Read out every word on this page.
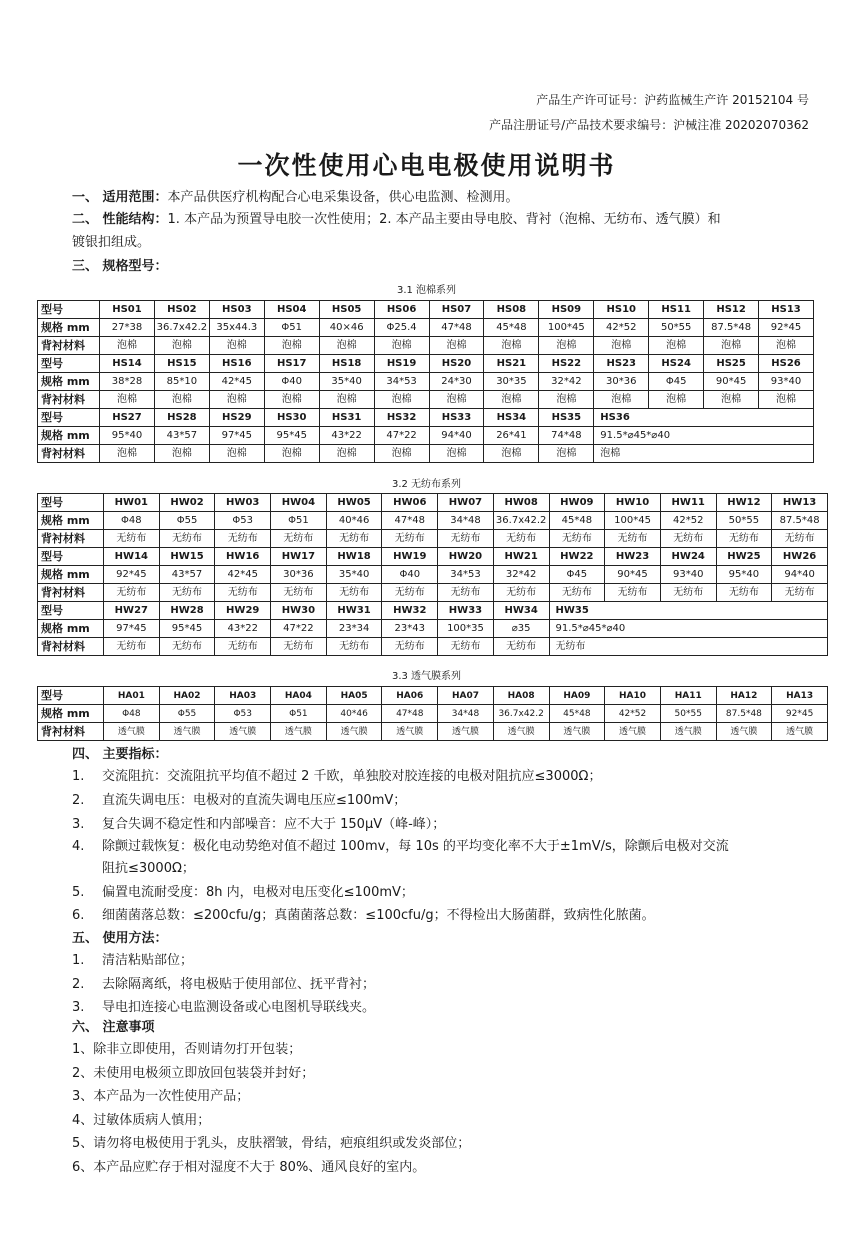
产品生产许可证号：沪药监械生产许 20152104 号
产品注册证号/产品技术要求编号：沪械注准 20202070362
一次性使用心电电极使用说明书
一、 适用范围：本产品供医疗机构配合心电采集设备，供心电监测、检测用。
二、 性能结构：1. 本产品为预置导电胶一次性使用；2. 本产品主要由导电胶、背衬（泡棉、无纺布、透气膜）和
镀银扣组成。
三、 规格型号：
3.1 泡棉系列
3.2 无纺布系列
3.3 透气膜系列
型号	HS01	HS02	HS03	HS04	HS05	HS06	HS07	HS08	HS09	HS10	HS11	HS12	HS13
规格 mm	27*38	36.7x42.2	35x44.3	Φ51	40×46	Φ25.4	47*48	45*48	100*45	42*52	50*55	87.5*48	92*45
背衬材料	泡棉	泡棉	泡棉	泡棉	泡棉	泡棉	泡棉	泡棉	泡棉	泡棉	泡棉	泡棉	泡棉
型号	HS14	HS15	HS16	HS17	HS18	HS19	HS20	HS21	HS22	HS23	HS24	HS25	HS26
规格 mm	38*28	85*10	42*45	Φ40	35*40	34*53	24*30	30*35	32*42	30*36	Φ45	90*45	93*40
背衬材料	泡棉	泡棉	泡棉	泡棉	泡棉	泡棉	泡棉	泡棉	泡棉	泡棉	泡棉	泡棉	泡棉
型号	HS27	HS28	HS29	HS30	HS31	HS32	HS33	HS34	HS35	HS36			
规格 mm	95*40	43*57	97*45	95*45	43*22	47*22	94*40	26*41	74*48	91.5*⌀45*⌀40			
背衬材料	泡棉	泡棉	泡棉	泡棉	泡棉	泡棉	泡棉	泡棉	泡棉	泡棉			
型号	HW01	HW02	HW03	HW04	HW05	HW06	HW07	HW08	HW09	HW10	HW11	HW12	HW13
规格 mm	Φ48	Φ55	Φ53	Φ51	40*46	47*48	34*48	36.7x42.2	45*48	100*45	42*52	50*55	87.5*48
背衬材料	无纺布	无纺布	无纺布	无纺布	无纺布	无纺布	无纺布	无纺布	无纺布	无纺布	无纺布	无纺布	无纺布
型号	HW14	HW15	HW16	HW17	HW18	HW19	HW20	HW21	HW22	HW23	HW24	HW25	HW26
规格 mm	92*45	43*57	42*45	30*36	35*40	Φ40	34*53	32*42	Φ45	90*45	93*40	95*40	94*40
背衬材料	无纺布	无纺布	无纺布	无纺布	无纺布	无纺布	无纺布	无纺布	无纺布	无纺布	无纺布	无纺布	无纺布
型号	HW27	HW28	HW29	HW30	HW31	HW32	HW33	HW34	HW35				
规格 mm	97*45	95*45	43*22	47*22	23*34	23*43	100*35	⌀35	91.5*⌀45*⌀40				
背衬材料	无纺布	无纺布	无纺布	无纺布	无纺布	无纺布	无纺布	无纺布	无纺布				
型号	HA01	HA02	HA03	HA04	HA05	HA06	HA07	HA08	HA09	HA10	HA11	HA12	HA13
规格 mm	Φ48	Φ55	Φ53	Φ51	40*46	47*48	34*48	36.7x42.2	45*48	42*52	50*55	87.5*48	92*45
背衬材料	透气膜	透气膜	透气膜	透气膜	透气膜	透气膜	透气膜	透气膜	透气膜	透气膜	透气膜	透气膜	透气膜
四、 主要指标：
1. 交流阻抗：交流阻抗平均值不超过 2 千欧，单独胶对胶连接的电极对阻抗应≤3000Ω；
2. 直流失调电压：电极对的直流失调电压应≤100mV；
3. 复合失调不稳定性和内部噪音：应不大于 150μV（峰-峰）；
4. 除颤过载恢复：极化电动势绝对值不超过 100mv，每 10s 的平均变化率不大于±1mV/s，除颤后电极对交流
阻抗≤3000Ω；
5. 偏置电流耐受度：8h 内，电极对电压变化≤100mV；
6. 细菌菌落总数：≤200cfu/g；真菌菌落总数：≤100cfu/g；不得检出大肠菌群，致病性化脓菌。
五、 使用方法：
1. 清洁粘贴部位；
2. 去除隔离纸，将电极贴于使用部位、抚平背衬；
3. 导电扣连接心电监测设备或心电图机导联线夹。
六、 注意事项
1、除非立即使用，否则请勿打开包装；
2、未使用电极须立即放回包装袋并封好；
3、本产品为一次性使用产品；
4、过敏体质病人慎用；
5、请勿将电极使用于乳头，皮肤褶皱，骨结，疤痕组织或发炎部位；
6、本产品应贮存于相对湿度不大于 80%、通风良好的室内。
